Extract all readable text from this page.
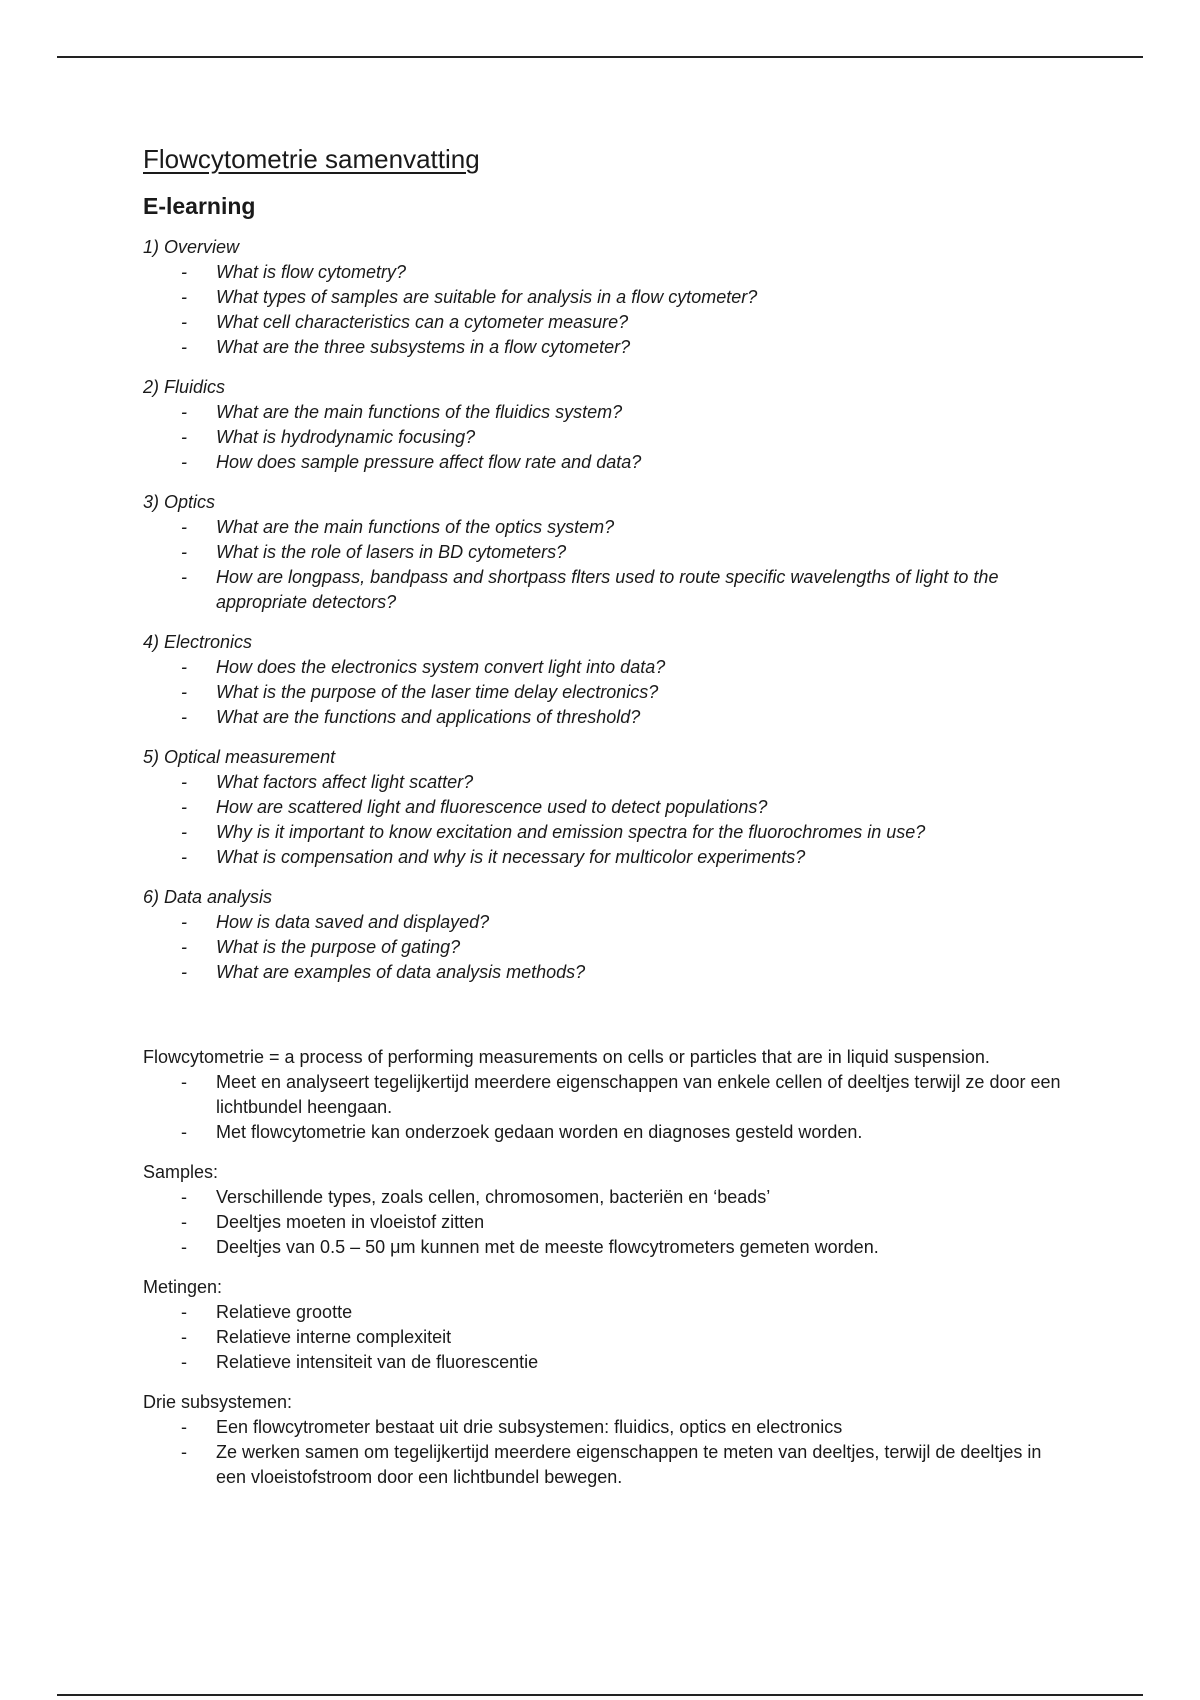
Flowcytometrie samenvatting
E-learning
1) Overview
- What is flow cytometry?
- What types of samples are suitable for analysis in a flow cytometer?
- What cell characteristics can a cytometer measure?
- What are the three subsystems in a flow cytometer?
2) Fluidics
- What are the main functions of the fluidics system?
- What is hydrodynamic focusing?
- How does sample pressure affect flow rate and data?
3) Optics
- What are the main functions of the optics system?
- What is the role of lasers in BD cytometers?
- How are longpass, bandpass and shortpass flters used to route specific wavelengths of light to the appropriate detectors?
4) Electronics
- How does the electronics system convert light into data?
- What is the purpose of the laser time delay electronics?
- What are the functions and applications of threshold?
5) Optical measurement
- What factors affect light scatter?
- How are scattered light and fluorescence used to detect populations?
- Why is it important to know excitation and emission spectra for the fluorochromes in use?
- What is compensation and why is it necessary for multicolor experiments?
6) Data analysis
- How is data saved and displayed?
- What is the purpose of gating?
- What are examples of data analysis methods?
Flowcytometrie = a process of performing measurements on cells or particles that are in liquid suspension.
- Meet en analyseert tegelijkertijd meerdere eigenschappen van enkele cellen of deeltjes terwijl ze door een lichtbundel heengaan.
- Met flowcytometrie kan onderzoek gedaan worden en diagnoses gesteld worden.
Samples:
- Verschillende types, zoals cellen, chromosomen, bacteriën en ‘beads’
- Deeltjes moeten in vloeistof zitten
- Deeltjes van 0.5 – 50 μm kunnen met de meeste flowcytrometers gemeten worden.
Metingen:
- Relatieve grootte
- Relatieve interne complexiteit
- Relatieve intensiteit van de fluorescentie
Drie subsystemen:
- Een flowcytrometer bestaat uit drie subsystemen: fluidics, optics en electronics
- Ze werken samen om tegelijkertijd meerdere eigenschappen te meten van deeltjes, terwijl de deeltjes in een vloeistofstroom door een lichtbundel bewegen.
